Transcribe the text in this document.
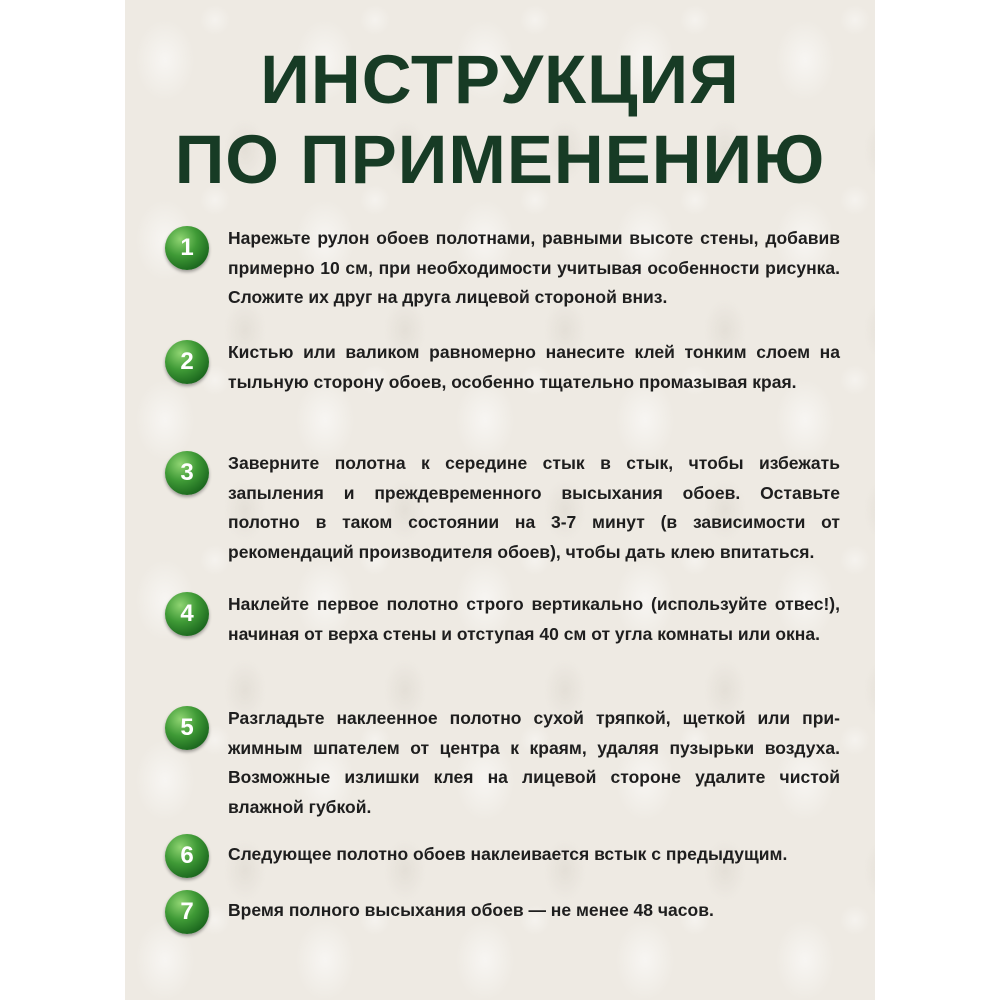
ИНСТРУКЦИЯ
ПО ПРИМЕНЕНИЮ
1	Нарежьте рулон обоев полотнами, равными высоте стены, добавив примерно 10 см, при необходимости учитывая особенности рисунка. Сложите их друг на друга лицевой стороной вниз.

2	Кистью или валиком равномерно нанесите клей тонким слоем на тыльную сторону обоев, особенно тщательно промазывая края.

3	Заверните полотна к середине стык в стык, чтобы избежать запыления и преждевременного высыхания обоев. Оставьте полотно в таком состоянии на 3-7 минут (в зависимости от рекомендаций производителя обоев), чтобы дать клею впитаться.

4	Наклейте первое полотно строго вертикально (используйте отвес!), начиная от верха стены и отступая 40 см от угла комнаты или окна.

5	Разгладьте наклеенное полотно сухой тряпкой, щеткой или прижимным шпателем от центра к краям, удаляя пузырьки воздуха. Возможные излишки клея на лицевой стороне удалите чистой влажной губкой.

6	Следующее полотно обоев наклеивается встык с предыдущим.

7	Время полного высыхания обоев — не менее 48 часов.
